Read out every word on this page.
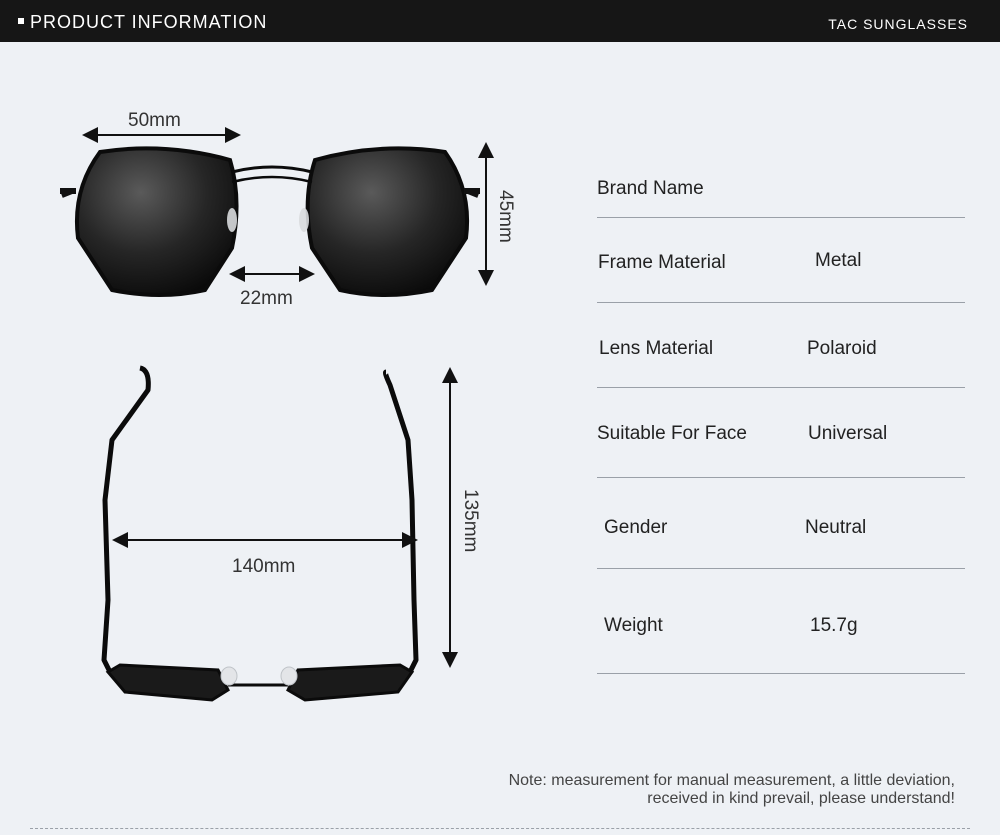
PRODUCT INFORMATION	TAC SUNGLASSES
50mm
45mm
22mm
140mm
135mm
Brand Name
Frame Material	Metal
Lens Material	Polaroid
Suitable For Face	Universal
Gender	Neutral
Weight	15.7g
Note: measurement for manual measurement, a little deviation,
received in kind prevail, please understand!
